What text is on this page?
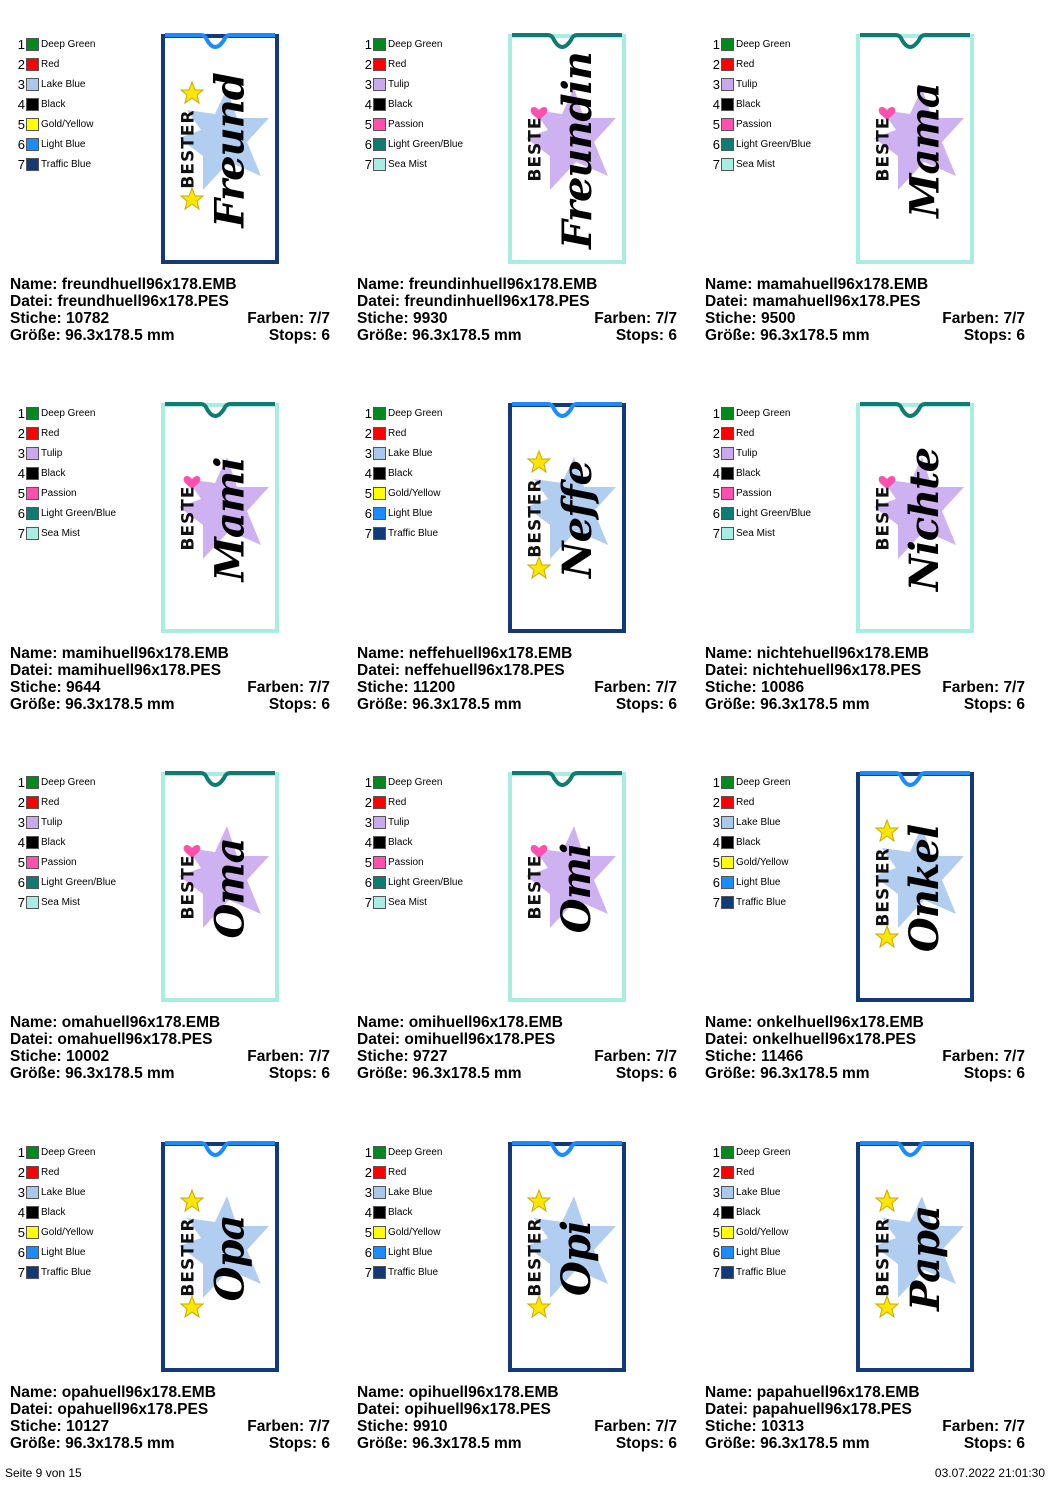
1 Deep Green
2 Red
3 Lake Blue
4 Black
5 Gold/Yellow
6 Light Blue
7 Traffic Blue	BESTER Freund
Name: freundhuell96x178.EMB
Datei: freundhuell96x178.PES
Stiche: 10782	Farben: 7/7
Größe: 96.3x178.5 mm	Stops: 6
1 Deep Green
2 Red
3 Tulip
4 Black
5 Passion
6 Light Green/Blue
7 Sea Mist	BESTE Freundin
Name: freundinhuell96x178.EMB
Datei: freundinhuell96x178.PES
Stiche: 9930	Farben: 7/7
Größe: 96.3x178.5 mm	Stops: 6
1 Deep Green
2 Red
3 Tulip
4 Black
5 Passion
6 Light Green/Blue
7 Sea Mist	BESTE Mama
Name: mamahuell96x178.EMB
Datei: mamahuell96x178.PES
Stiche: 9500	Farben: 7/7
Größe: 96.3x178.5 mm	Stops: 6
1 Deep Green
2 Red
3 Tulip
4 Black
5 Passion
6 Light Green/Blue
7 Sea Mist	BESTE Mami
Name: mamihuell96x178.EMB
Datei: mamihuell96x178.PES
Stiche: 9644	Farben: 7/7
Größe: 96.3x178.5 mm	Stops: 6
1 Deep Green
2 Red
3 Lake Blue
4 Black
5 Gold/Yellow
6 Light Blue
7 Traffic Blue	BESTER Neffe
Name: neffehuell96x178.EMB
Datei: neffehuell96x178.PES
Stiche: 11200	Farben: 7/7
Größe: 96.3x178.5 mm	Stops: 6
1 Deep Green
2 Red
3 Tulip
4 Black
5 Passion
6 Light Green/Blue
7 Sea Mist	BESTE Nichte
Name: nichtehuell96x178.EMB
Datei: nichtehuell96x178.PES
Stiche: 10086	Farben: 7/7
Größe: 96.3x178.5 mm	Stops: 6
1 Deep Green
2 Red
3 Tulip
4 Black
5 Passion
6 Light Green/Blue
7 Sea Mist	BESTE Oma
Name: omahuell96x178.EMB
Datei: omahuell96x178.PES
Stiche: 10002	Farben: 7/7
Größe: 96.3x178.5 mm	Stops: 6
1 Deep Green
2 Red
3 Tulip
4 Black
5 Passion
6 Light Green/Blue
7 Sea Mist	BESTE Omi
Name: omihuell96x178.EMB
Datei: omihuell96x178.PES
Stiche: 9727	Farben: 7/7
Größe: 96.3x178.5 mm	Stops: 6
1 Deep Green
2 Red
3 Lake Blue
4 Black
5 Gold/Yellow
6 Light Blue
7 Traffic Blue	BESTER Onkel
Name: onkelhuell96x178.EMB
Datei: onkelhuell96x178.PES
Stiche: 11466	Farben: 7/7
Größe: 96.3x178.5 mm	Stops: 6
1 Deep Green
2 Red
3 Lake Blue
4 Black
5 Gold/Yellow
6 Light Blue
7 Traffic Blue	BESTER Opa
Name: opahuell96x178.EMB
Datei: opahuell96x178.PES
Stiche: 10127	Farben: 7/7
Größe: 96.3x178.5 mm	Stops: 6
1 Deep Green
2 Red
3 Lake Blue
4 Black
5 Gold/Yellow
6 Light Blue
7 Traffic Blue	BESTER Opi
Name: opihuell96x178.EMB
Datei: opihuell96x178.PES
Stiche: 9910	Farben: 7/7
Größe: 96.3x178.5 mm	Stops: 6
1 Deep Green
2 Red
3 Lake Blue
4 Black
5 Gold/Yellow
6 Light Blue
7 Traffic Blue	BESTER Papa
Name: papahuell96x178.EMB
Datei: papahuell96x178.PES
Stiche: 10313	Farben: 7/7
Größe: 96.3x178.5 mm	Stops: 6
Seite 9 von 15	03.07.2022 21:01:30
